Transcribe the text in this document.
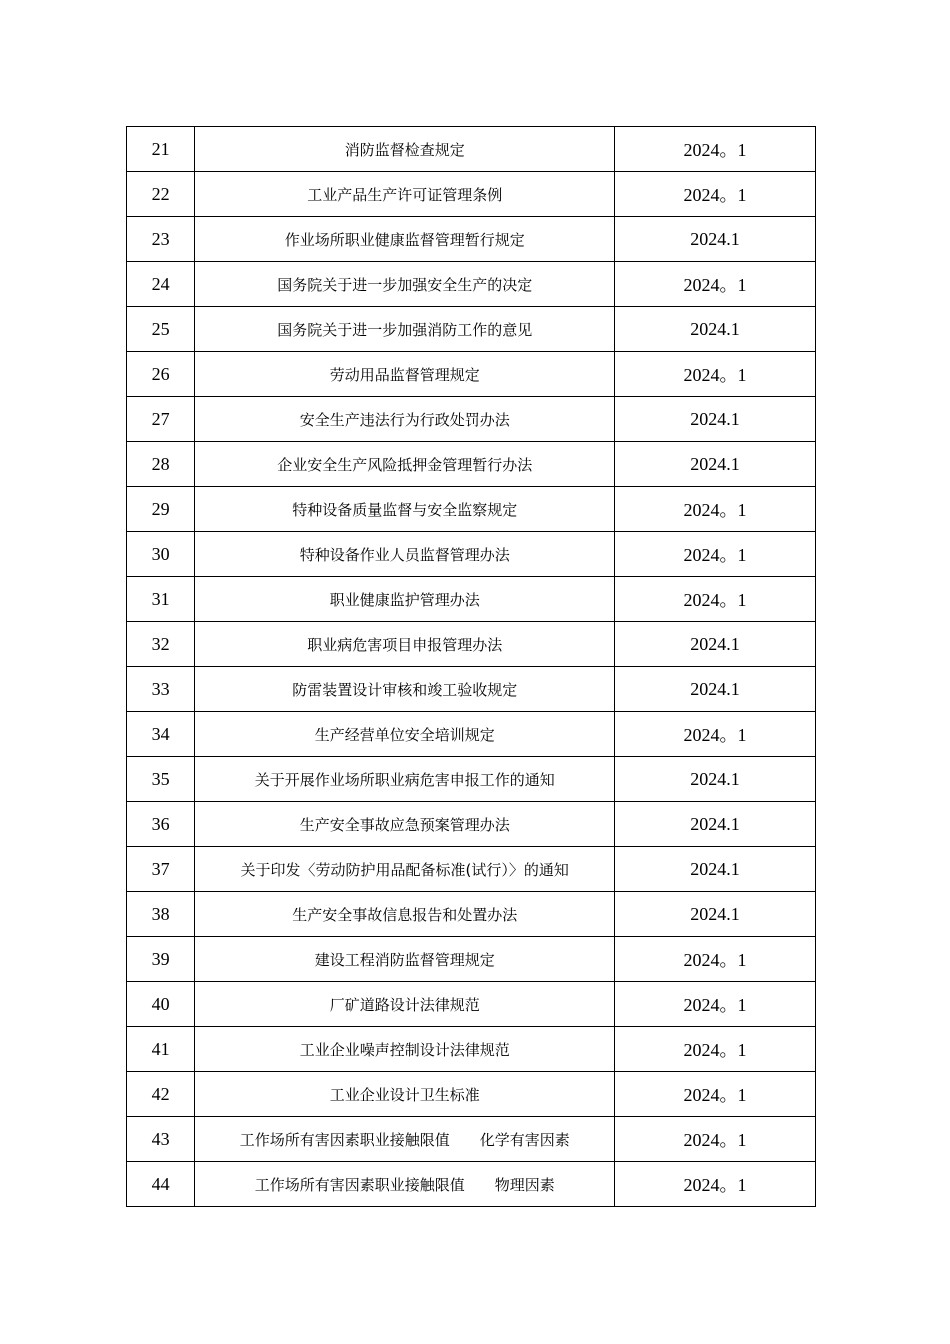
21	消防监督检查规定	2024。1
22	工业产品生产许可证管理条例	2024。1
23	作业场所职业健康监督管理暂行规定	2024.1
24	国务院关于进一步加强安全生产的决定	2024。1
25	国务院关于进一步加强消防工作的意见	2024.1
26	劳动用品监督管理规定	2024。1
27	安全生产违法行为行政处罚办法	2024.1
28	企业安全生产风险抵押金管理暂行办法	2024.1
29	特种设备质量监督与安全监察规定	2024。1
30	特种设备作业人员监督管理办法	2024。1
31	职业健康监护管理办法	2024。1
32	职业病危害项目申报管理办法	2024.1
33	防雷装置设计审核和竣工验收规定	2024.1
34	生产经营单位安全培训规定	2024。1
35	关于开展作业场所职业病危害申报工作的通知	2024.1
36	生产安全事故应急预案管理办法	2024.1
37	关于印发〈劳动防护用品配备标准(试行）〉的通知	2024.1
38	生产安全事故信息报告和处置办法	2024.1
39	建设工程消防监督管理规定	2024。1
40	厂矿道路设计法律规范	2024。1
41	工业企业噪声控制设计法律规范	2024。1
42	工业企业设计卫生标准	2024。1
43	工作场所有害因素职业接触限值　　化学有害因素	2024。1
44	工作场所有害因素职业接触限值　　物理因素	2024。1
